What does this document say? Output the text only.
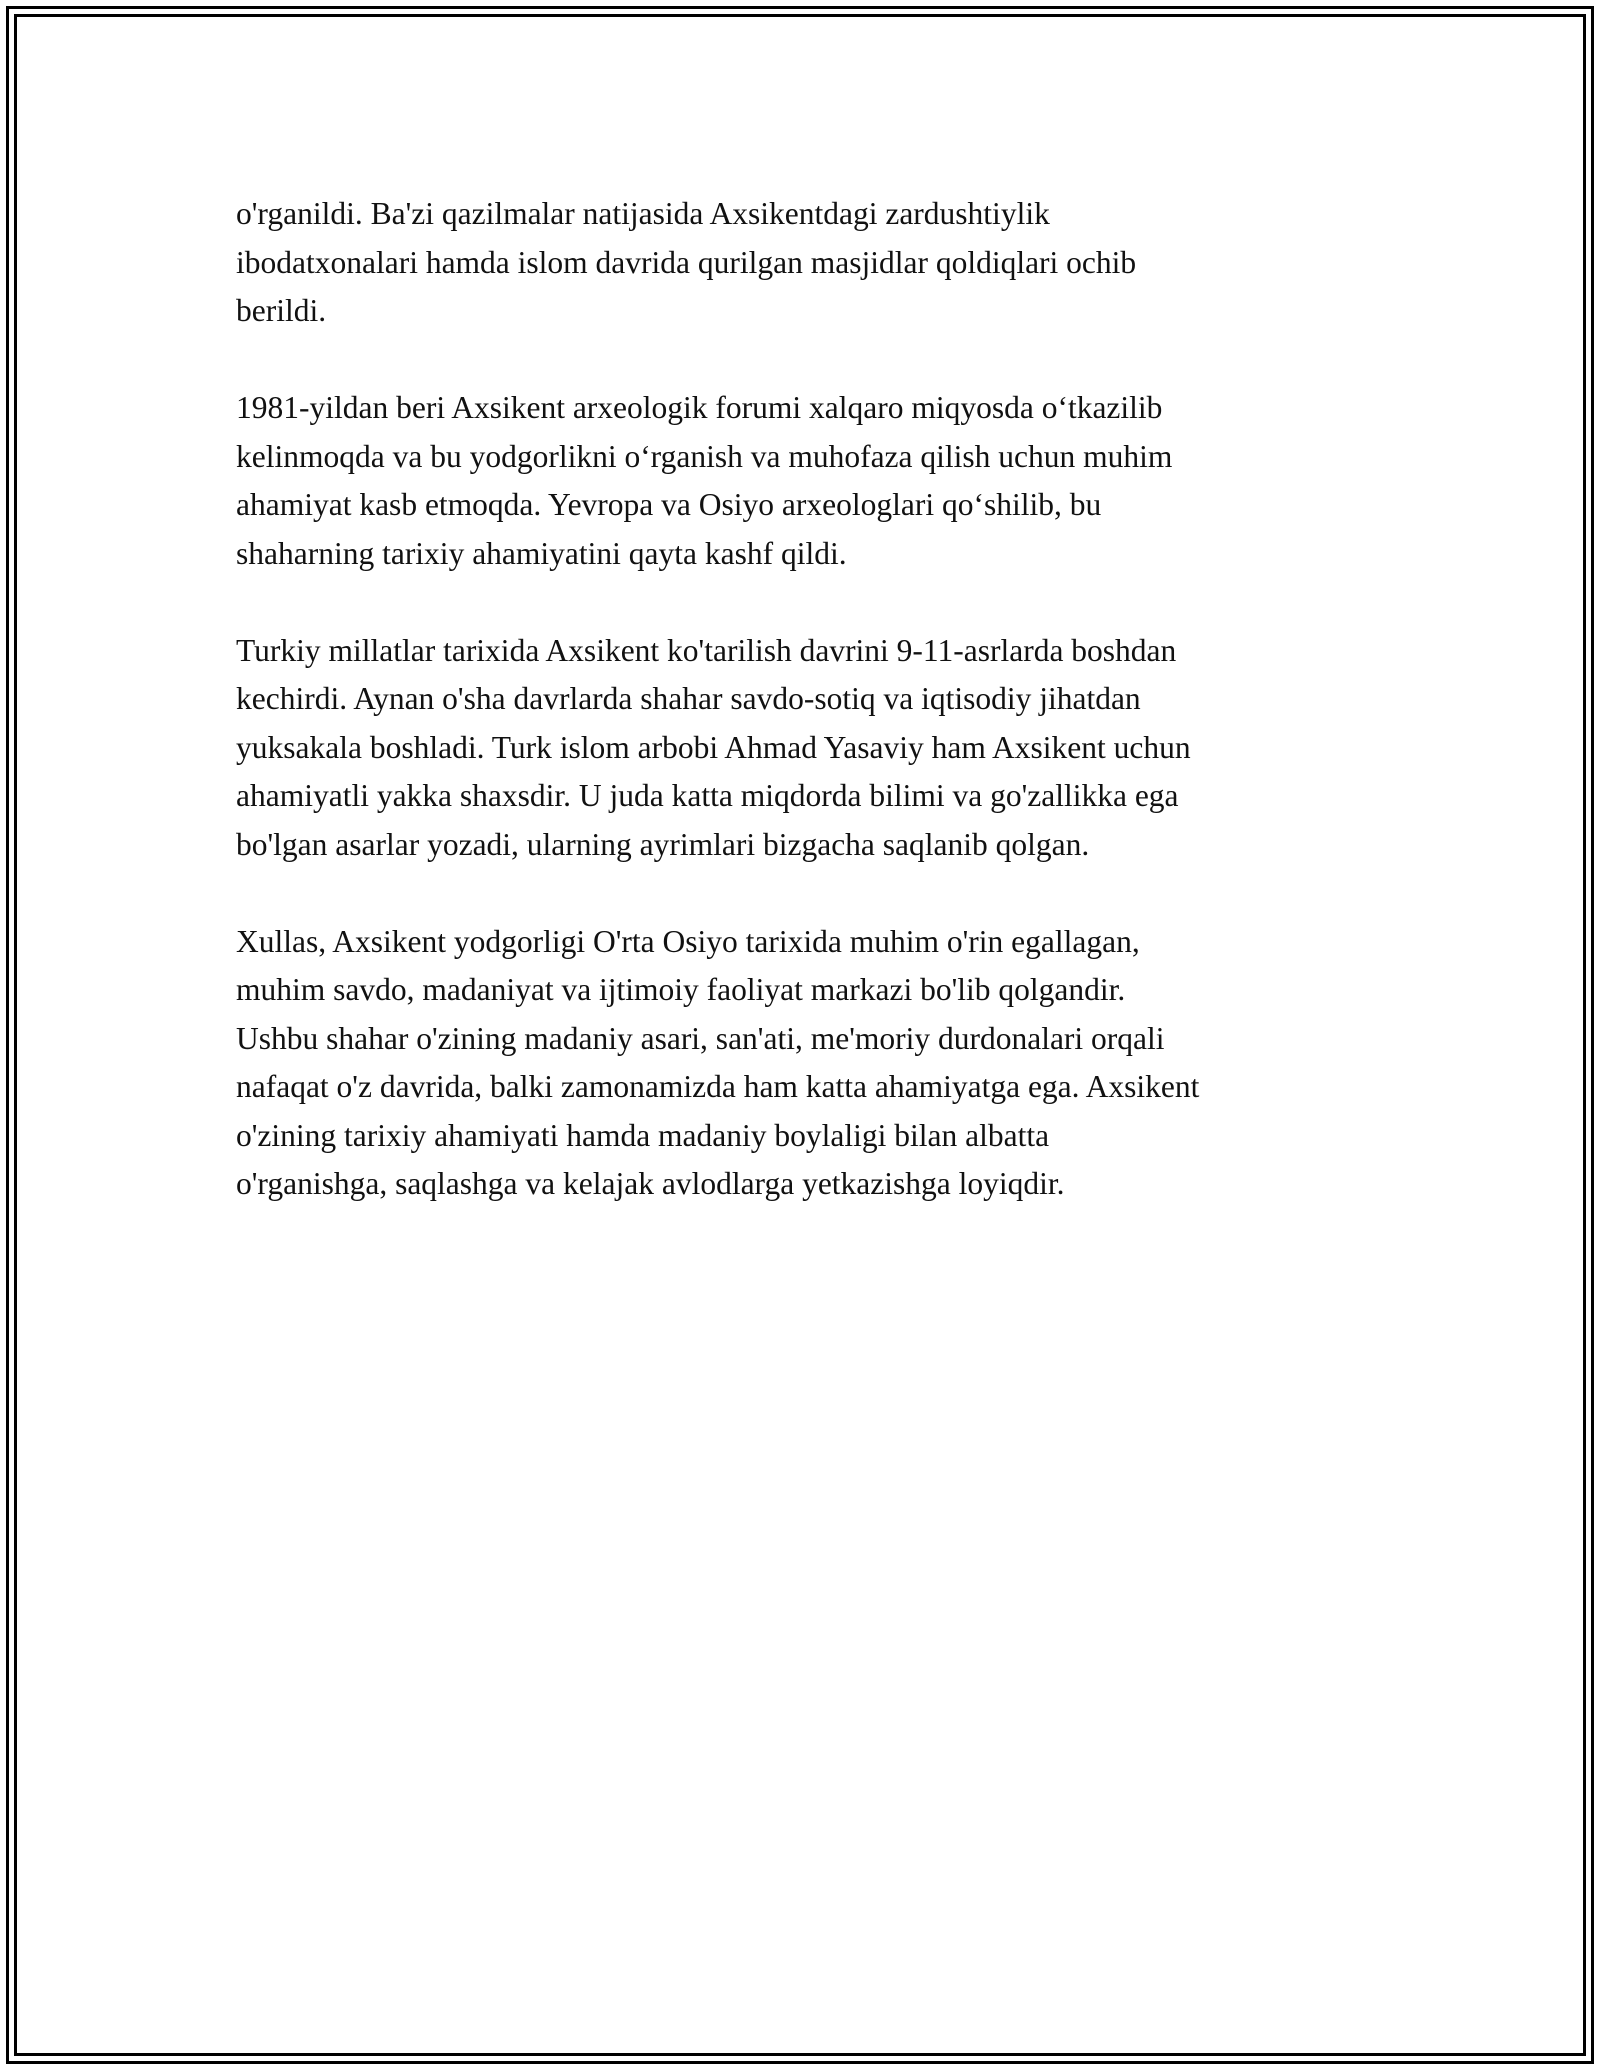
o'rganildi. Ba'zi qazilmalar natijasida Axsikentdagi zardushtiylik
ibodatxonalari hamda islom davrida qurilgan masjidlar qoldiqlari ochib
berildi.

1981-yildan beri Axsikent arxeologik forumi xalqaro miqyosda o‘tkazilib
kelinmoqda va bu yodgorlikni o‘rganish va muhofaza qilish uchun muhim
ahamiyat kasb etmoqda. Yevropa va Osiyo arxeologlari qo‘shilib, bu
shaharning tarixiy ahamiyatini qayta kashf qildi.

Turkiy millatlar tarixida Axsikent ko'tarilish davrini 9-11-asrlarda boshdan
kechirdi. Aynan o'sha davrlarda shahar savdo-sotiq va iqtisodiy jihatdan
yuksakala boshladi. Turk islom arbobi Ahmad Yasaviy ham Axsikent uchun
ahamiyatli yakka shaxsdir. U juda katta miqdorda bilimi va go'zallikka ega
bo'lgan asarlar yozadi, ularning ayrimlari bizgacha saqlanib qolgan.

Xullas, Axsikent yodgorligi O'rta Osiyo tarixida muhim o'rin egallagan,
muhim savdo, madaniyat va ijtimoiy faoliyat markazi bo'lib qolgandir.
Ushbu shahar o'zining madaniy asari, san'ati, me'moriy durdonalari orqali
nafaqat o'z davrida, balki zamonamizda ham katta ahamiyatga ega. Axsikent
o'zining tarixiy ahamiyati hamda madaniy boylaligi bilan albatta
o'rganishga, saqlashga va kelajak avlodlarga yetkazishga loyiqdir.
